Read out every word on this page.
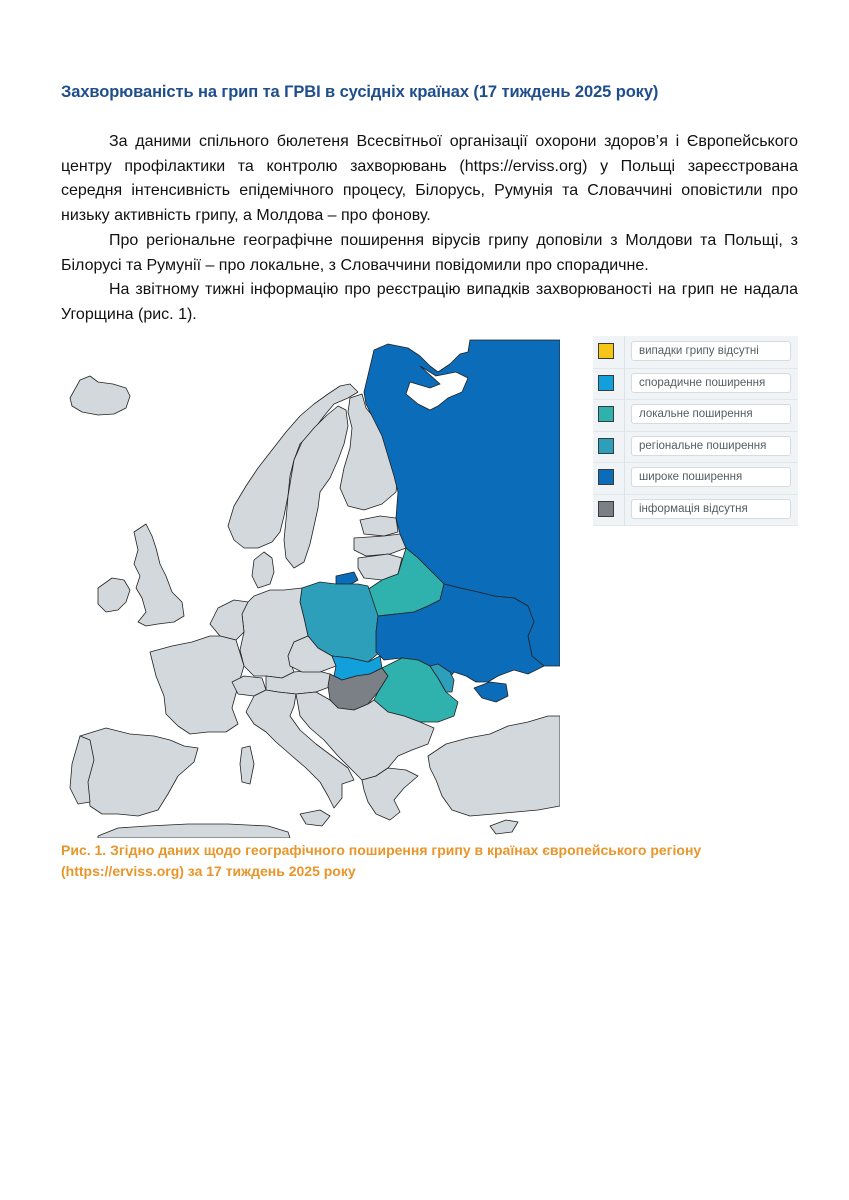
Захворюваність на грип та ГРВІ в сусідніх країнах (17 тиждень 2025 року)

За даними спільного бюлетеня Всесвітньої організації охорони здоров’я і Європейського центру профілактики та контролю захворювань (https://erviss.org) у Польщі зареєстрована середня інтенсивність епідемічного процесу, Білорусь, Румунія та Словаччині оповістили про низьку активність грипу, а Молдова – про фонову.

Про регіональне географічне поширення вірусів грипу доповіли з Молдови та Польщі, з Білорусі та Румунії – про локальне, з Словаччини повідомили про спорадичне.

На звітному тижні інформацію про реєстрацію випадків захворюваності на грип не надала Угорщина (рис. 1).

випадки грипу відсутні
спорадичне поширення
локальне поширення
регіональне поширення
широке поширення
інформація відсутня
Рис. 1. Згідно даних щодо географічного поширення грипу в країнах європейського регіону (https://erviss.org) за 17 тиждень 2025 року
